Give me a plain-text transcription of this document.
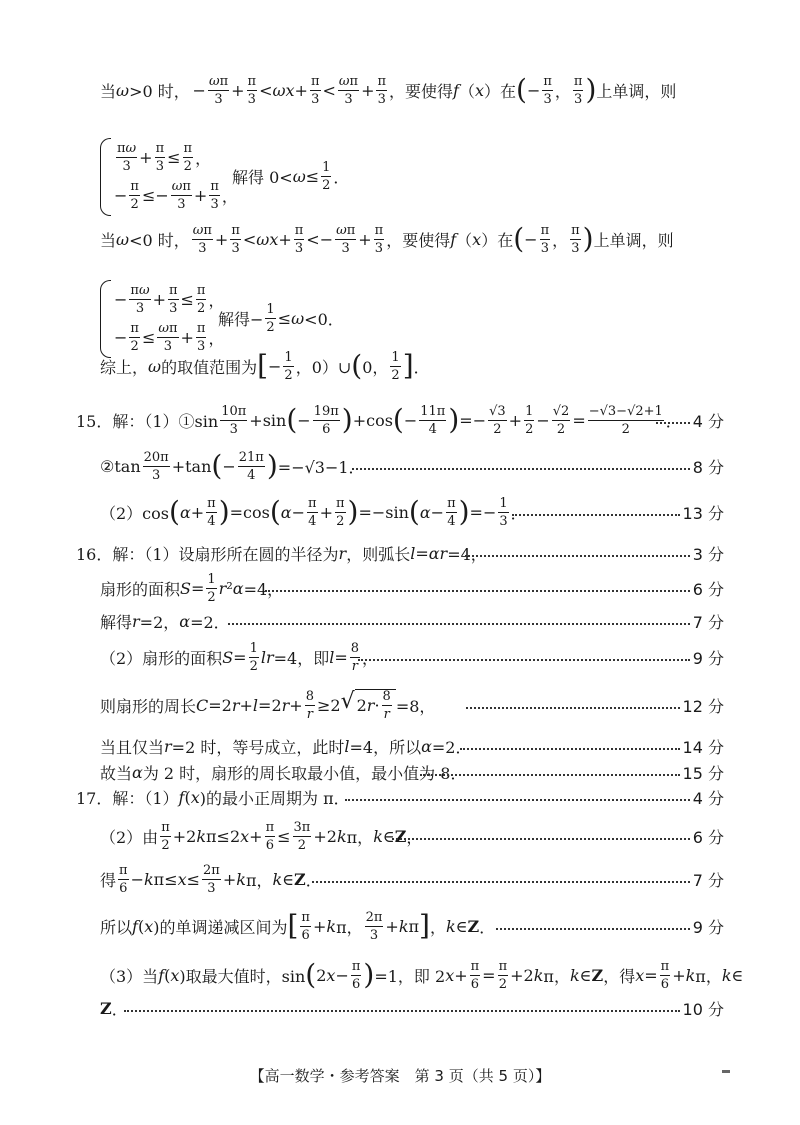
当 ω >0 时，
  − $\frac{\omega\pi}{3} + \frac{\pi}{3} < \omega x + \frac{\pi}{3} < \frac{\omega\pi}{3} + \frac{\pi}{3}$ ，要使得 f （ x ）在 ( − $\frac{\pi}{3}$ ， $\frac{\pi}{3}$ ) 上单调，则
当 ω <0 时， $\frac{\omega\pi}{3} + \frac{\pi}{3} < \omega x + \frac{\pi}{3} <- \frac{\omega\pi}{3} + \frac{\pi}{3}$ ，要使得 f （ x ）在 ( − $\frac{\pi}{3}$ ， $\frac{\pi}{3}$ ) 上单调，则
综上， ω 的取值范围为 [ − $\frac{1}{2}$ ，0）∪ ( 0， $\frac{1}{2}$ ] ．
15．解：（1）①sin $\frac{10\pi}{3} +\sin$ ( − $\frac{19\pi}{6}$ ) +cos ( − $\frac{11\pi}{4}$ ) =− $\frac{√3}{2} + \frac{1}{2} - \frac{√2}{2} = \frac{-√3-√2+1}{2}$ ． 4 分
②tan $\frac{20\pi}{3} +\tan$ ( − $\frac{21\pi}{4}$ ) =−√3−1．	8 分
（2）cos ( $\alpha + \frac{\pi}{4}$ ) =cos ( $\alpha - \frac{\pi}{4} + \frac{\pi}{2}$ ) =−sin ( $\alpha - \frac{\pi}{4}$ ) =− $\frac{1}{3}$ ．	13 分
16．解：（1）设扇形所在圆的半径为 r ，则弧长 l = αr =4，	3 分
扇形的面积 $S = \frac{1}{2}$ r ² α =4，	6 分
解得 r =2， α =2．	7 分
（2）扇形的面积 $S = \frac{1}{2}$ lr =4，即 $l = \frac{8}{r}$ ，	9 分
则扇形的周长 C =2 r + l =2 $r + \frac{8}{r} \ge 2$ √ 2 $r \cdot \frac{8}{r} =8$，	12 分
当且仅当 r =2 时，等号成立，此时 l =4，所以 α =2．	14 分
故当 α 为 2 时，扇形的周长取最小值，最小值为 8．	15 分
17．解：（1） f ( x )的最小正周期为 π．	4 分
（2）由 $\frac{\pi}{2} +2$ k π≤2 $x + \frac{\pi}{6} \le \frac{3\pi}{2} +2$ k π， k ∈ Z ，	6 分
得 $\frac{\pi}{6} - k$ $\pi\le x \le \frac{2\pi}{3} + k$ π， k ∈ Z ．	7 分
所以 f ( x )的单调递减区间为 [ $\frac{\pi}{6} + k$ π， $\frac{2\pi}{3} + k$ π ] ， k ∈ Z ．	9 分
（3）当 f ( x )取最大值时，sin ( 2 $x - \frac{\pi}{6}$ ) =1，即 2 $x + \frac{\pi}{6} = \frac{\pi}{2} +2$ k π， k ∈ Z ，得 $x = \frac{\pi}{6} + k$ π， k ∈
Z ．	10 分
$\frac{\pi\omega}{3} + \frac{\pi}{3} \le \frac{\pi}{2}$ ，
− $\frac{\pi}{2} \le- \frac{\omega\pi}{3} + \frac{\pi}{3}$ ，
解得 $0< \omega \le \frac{1}{2}$ ．
− $\frac{\pi\omega}{3} + \frac{\pi}{3} \le \frac{\pi}{2}$ ，
− $\frac{\pi}{2} \le \frac{\omega\pi}{3} + \frac{\pi}{3}$ ，
解得− $\frac{1}{2} \le \omega <0$．
【高一数学・参考答案　第 3 页（共 5 页）】
